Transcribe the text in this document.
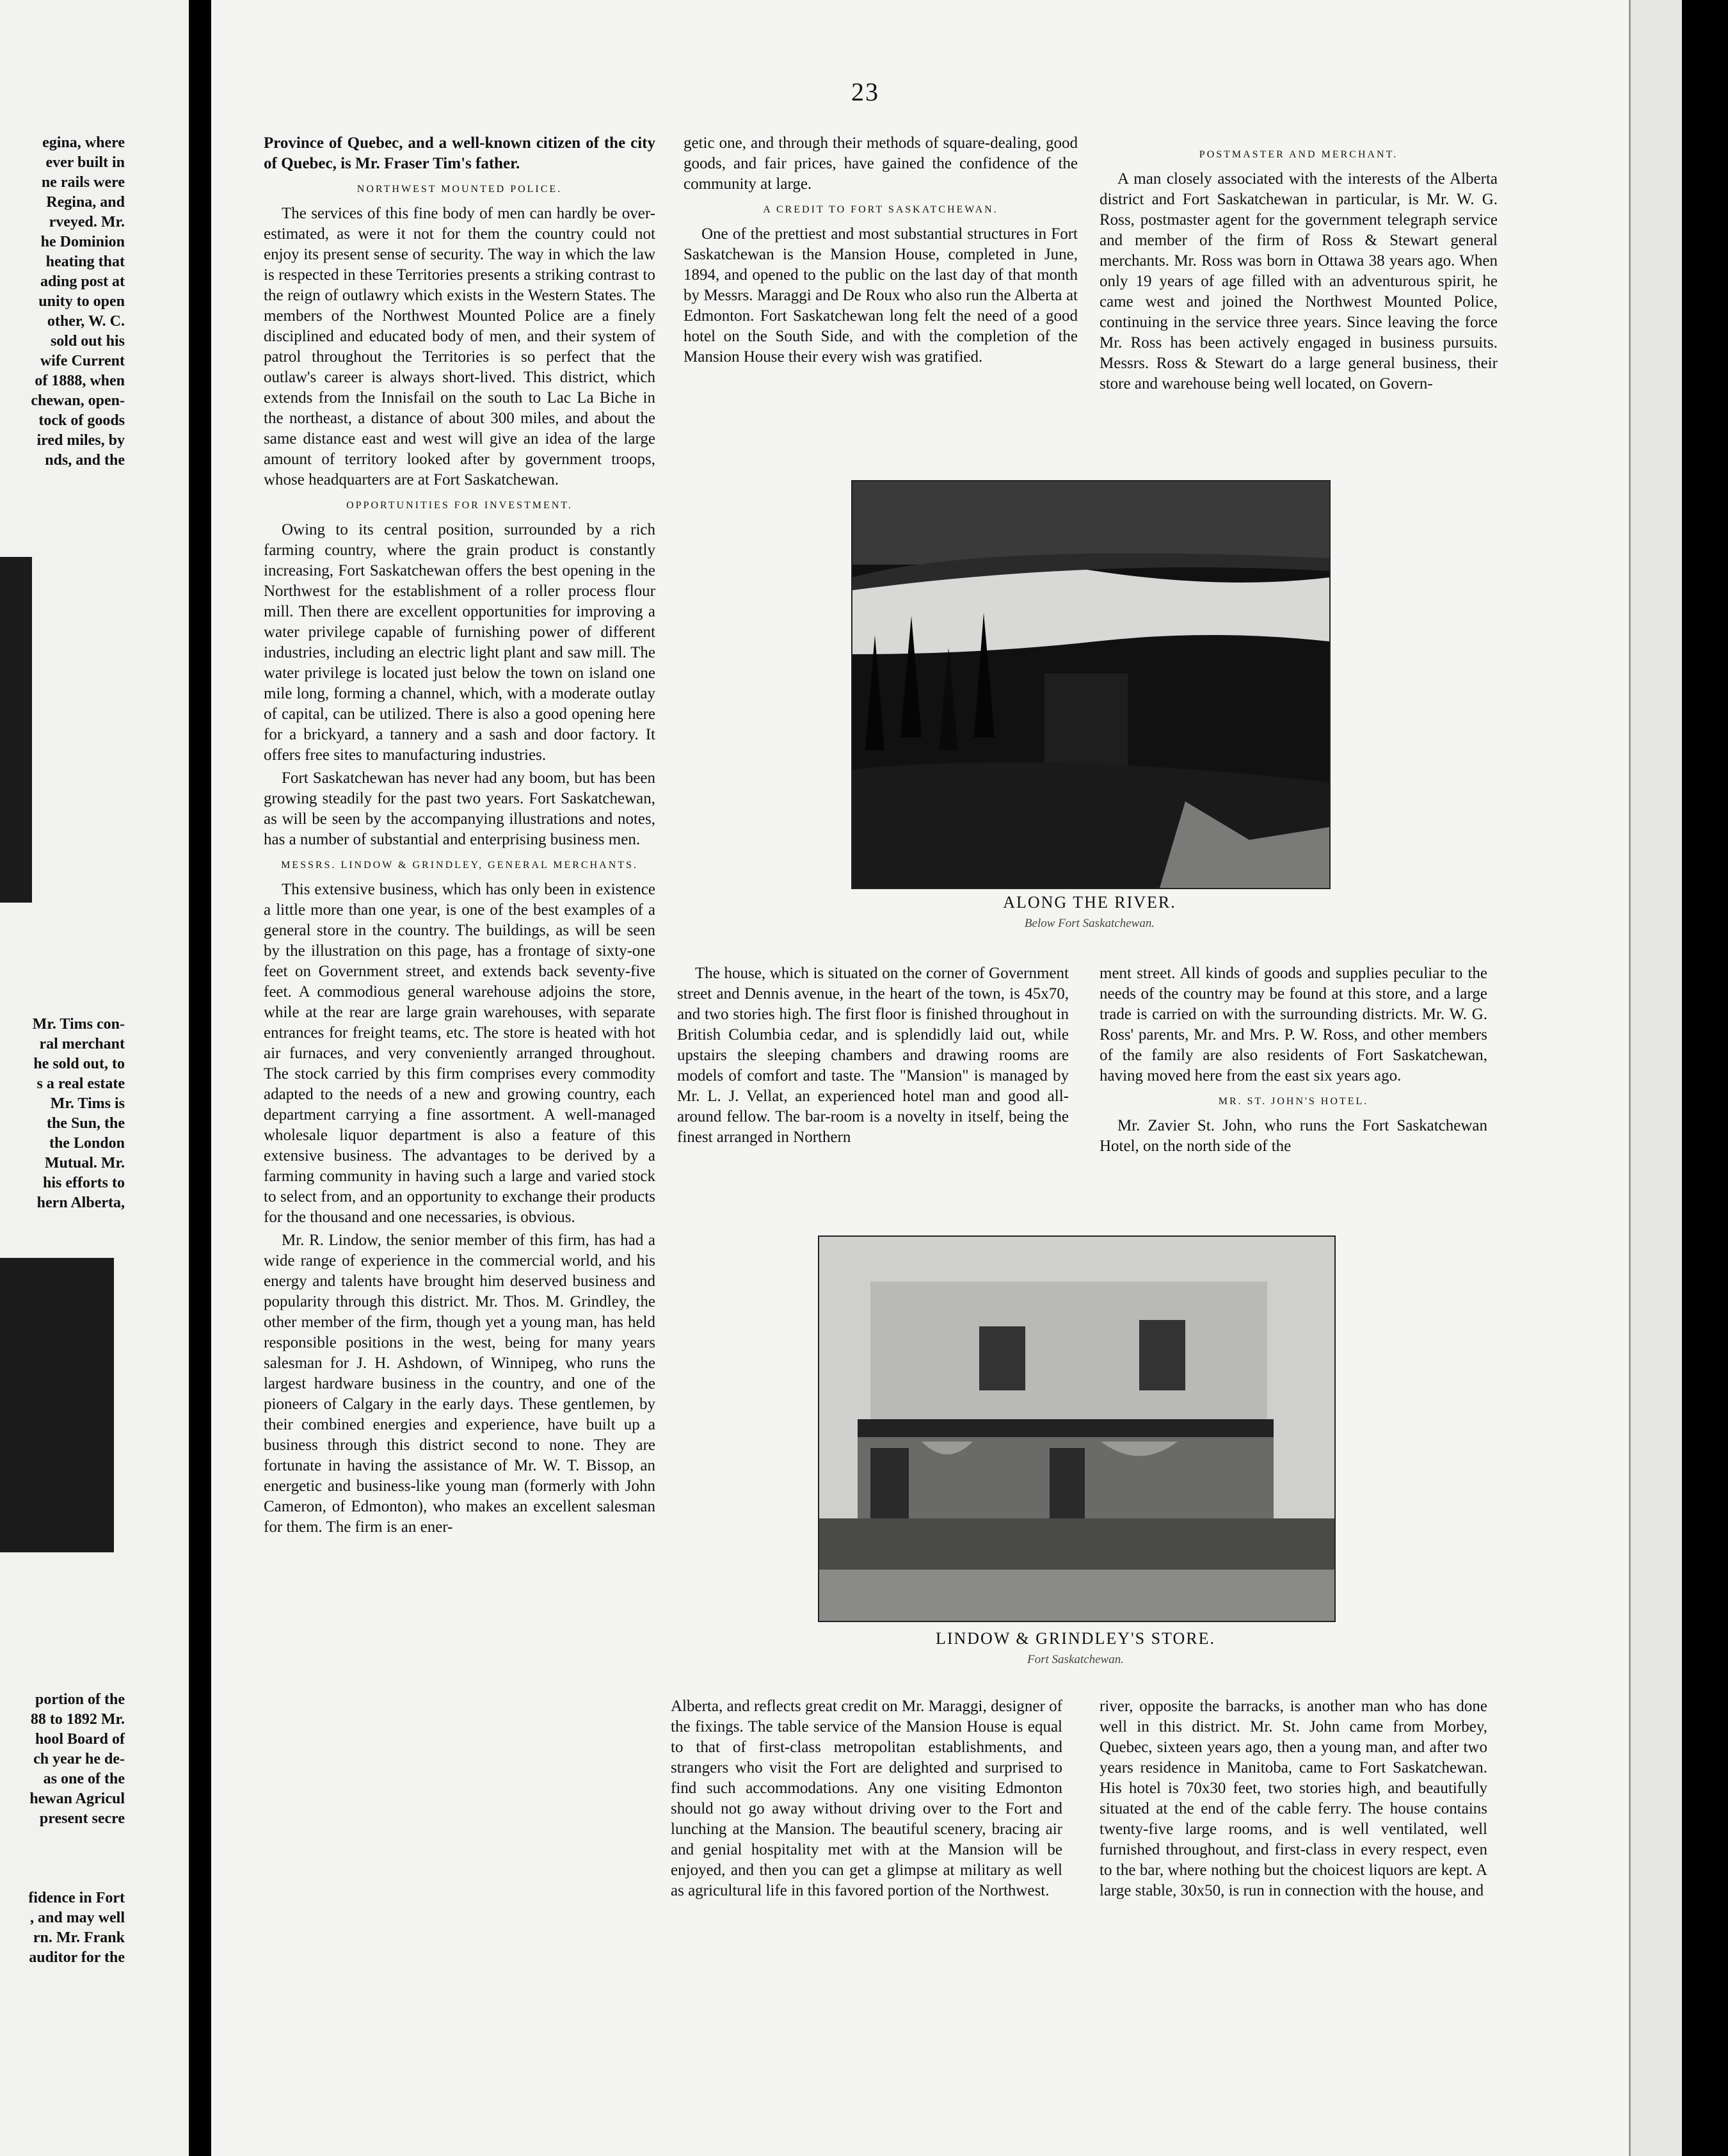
egina, where
ever built in
ne rails were
Regina, and
rveyed. Mr.
he Dominion
heating that
ading post at
unity to open
other, W. C.
sold out his
wife Current
of 1888, when
chewan, open-
tock of goods
ired miles, by
nds, and the
Mr. Tims con-
ral merchant
he sold out, to
s a real estate
Mr. Tims is
the Sun, the
the London
Mutual. Mr.
his efforts to
hern Alberta,
portion of the
88 to 1892 Mr.
hool Board of
ch year he de-
as one of the
hewan Agricul
present secre
fidence in Fort
, and may well
rn. Mr. Frank
auditor for the
23

Province of Quebec, and a well-known citizen of the city of Quebec, is Mr. Fraser Tim's father.

NORTHWEST MOUNTED POLICE.

The services of this fine body of men can hardly be over-estimated, as were it not for them the country could not enjoy its present sense of security. The way in which the law is respected in these Territories presents a striking contrast to the reign of outlawry which exists in the Western States. The members of the Northwest Mounted Police are a finely disciplined and educated body of men, and their system of patrol throughout the Territories is so perfect that the outlaw's career is always short-lived. This district, which extends from the Innisfail on the south to Lac La Biche in the northeast, a distance of about 300 miles, and about the same distance east and west will give an idea of the large amount of territory looked after by government troops, whose headquarters are at Fort Saskatchewan.

OPPORTUNITIES FOR INVESTMENT.

Owing to its central position, surrounded by a rich farming country, where the grain product is constantly increasing, Fort Saskatchewan offers the best opening in the Northwest for the establishment of a roller process flour mill. Then there are excellent opportunities for improving a water privilege capable of furnishing power of different industries, including an electric light plant and saw mill. The water privilege is located just below the town on island one mile long, forming a channel, which, with a moderate outlay of capital, can be utilized. There is also a good opening here for a brickyard, a tannery and a sash and door factory. It offers free sites to manufacturing industries.

Fort Saskatchewan has never had any boom, but has been growing steadily for the past two years. Fort Saskatchewan, as will be seen by the accompanying illustrations and notes, has a number of substantial and enterprising business men.

MESSRS. LINDOW & GRINDLEY, GENERAL MERCHANTS.

This extensive business, which has only been in existence a little more than one year, is one of the best examples of a general store in the country. The buildings, as will be seen by the illustration on this page, has a frontage of sixty-one feet on Government street, and extends back seventy-five feet. A commodious general warehouse adjoins the store, while at the rear are large grain warehouses, with separate entrances for freight teams, etc. The store is heated with hot air furnaces, and very conveniently arranged throughout. The stock carried by this firm comprises every commodity adapted to the needs of a new and growing country, each department carrying a fine assortment. A well-managed wholesale liquor department is also a feature of this extensive business. The advantages to be derived by a farming community in having such a large and varied stock to select from, and an opportunity to exchange their products for the thousand and one necessaries, is obvious.

Mr. R. Lindow, the senior member of this firm, has had a wide range of experience in the commercial world, and his energy and talents have brought him deserved business and popularity through this district. Mr. Thos. M. Grindley, the other member of the firm, though yet a young man, has held responsible positions in the west, being for many years salesman for J. H. Ashdown, of Winnipeg, who runs the largest hardware business in the country, and one of the pioneers of Calgary in the early days. These gentlemen, by their combined energies and experience, have built up a business through this district second to none. They are fortunate in having the assistance of Mr. W. T. Bissop, an energetic and business-like young man (formerly with John Cameron, of Edmonton), who makes an excellent salesman for them. The firm is an ener-

getic one, and through their methods of square-dealing, good goods, and fair prices, have gained the confidence of the community at large.

A CREDIT TO FORT SASKATCHEWAN.

One of the prettiest and most substantial structures in Fort Saskatchewan is the Mansion House, completed in June, 1894, and opened to the public on the last day of that month by Messrs. Maraggi and De Roux who also run the Alberta at Edmonton. Fort Saskatchewan long felt the need of a good hotel on the South Side, and with the completion of the Mansion House their every wish was gratified.

POSTMASTER AND MERCHANT.

A man closely associated with the interests of the Alberta district and Fort Saskatchewan in particular, is Mr. W. G. Ross, postmaster agent for the government telegraph service and member of the firm of Ross & Stewart general merchants. Mr. Ross was born in Ottawa 38 years ago. When only 19 years of age filled with an adventurous spirit, he came west and joined the Northwest Mounted Police, continuing in the service three years. Since leaving the force Mr. Ross has been actively engaged in business pursuits. Messrs. Ross & Stewart do a large general business, their store and warehouse being well located, on Govern-

ALONG THE RIVER.
Below Fort Saskatchewan.

The house, which is situated on the corner of Government street and Dennis avenue, in the heart of the town, is 45x70, and two stories high. The first floor is finished throughout in British Columbia cedar, and is splendidly laid out, while upstairs the sleeping chambers and drawing rooms are models of comfort and taste. The "Mansion" is managed by Mr. L. J. Vellat, an experienced hotel man and good all-around fellow. The bar-room is a novelty in itself, being the finest arranged in Northern

ment street. All kinds of goods and supplies peculiar to the needs of the country may be found at this store, and a large trade is carried on with the surrounding districts. Mr. W. G. Ross' parents, Mr. and Mrs. P. W. Ross, and other members of the family are also residents of Fort Saskatchewan, having moved here from the east six years ago.

MR. ST. JOHN'S HOTEL.

Mr. Zavier St. John, who runs the Fort Saskatchewan Hotel, on the north side of the

LINDOW & GRINDLEY'S STORE.
Fort Saskatchewan.

Alberta, and reflects great credit on Mr. Maraggi, designer of the fixings. The table service of the Mansion House is equal to that of first-class metropolitan establishments, and strangers who visit the Fort are delighted and surprised to find such accommodations. Any one visiting Edmonton should not go away without driving over to the Fort and lunching at the Mansion. The beautiful scenery, bracing air and genial hospitality met with at the Mansion will be enjoyed, and then you can get a glimpse at military as well as agricultural life in this favored portion of the Northwest.

river, opposite the barracks, is another man who has done well in this district. Mr. St. John came from Morbey, Quebec, sixteen years ago, then a young man, and after two years residence in Manitoba, came to Fort Saskatchewan. His hotel is 70x30 feet, two stories high, and beautifully situated at the end of the cable ferry. The house contains twenty-five large rooms, and is well ventilated, well furnished throughout, and first-class in every respect, even to the bar, where nothing but the choicest liquors are kept. A large stable, 30x50, is run in connection with the house, and
